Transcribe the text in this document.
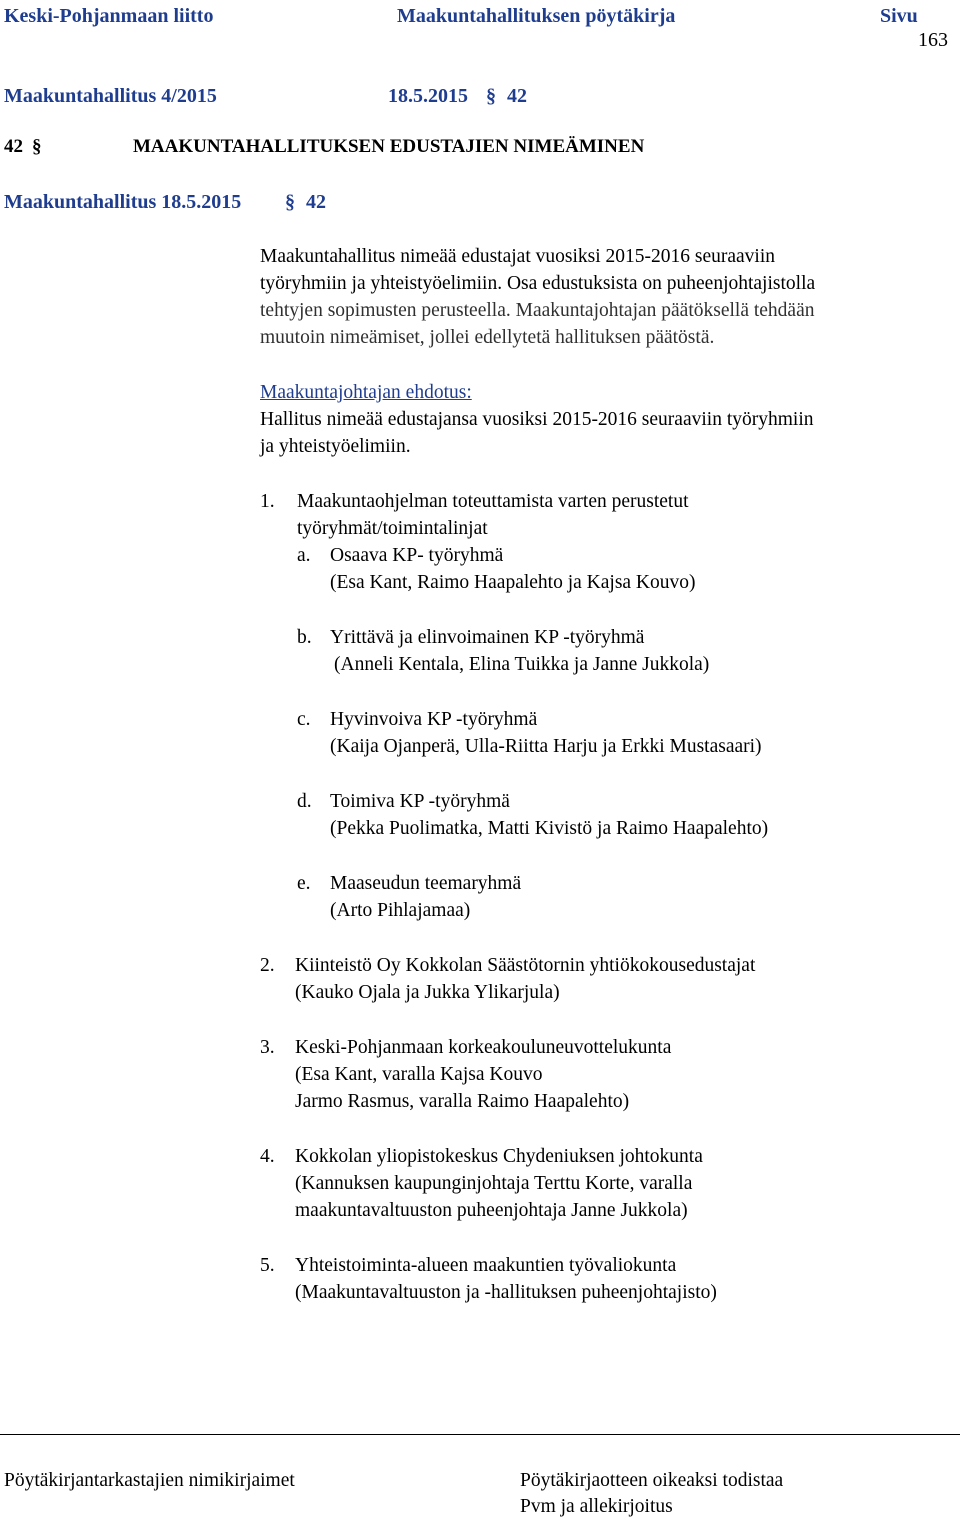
Keski-Pohjanmaan liitto	Maakuntahallituksen pöytäkirja	Sivu
163
Maakuntahallitus 4/2015	18.5.2015 § 42
42 §	MAAKUNTAHALLITUKSEN EDUSTAJIEN NIMEÄMINEN
Maakuntahallitus 18.5.2015 § 42
Maakuntahallitus nimeää edustajat vuosiksi 2015-2016 seuraaviin
työryhmiin ja yhteistyöelimiin. Osa edustuksista on puheenjohtajistolla
tehtyjen sopimusten perusteella. Maakuntajohtajan päätöksellä tehdään
muutoin nimeämiset, jollei edellytetä hallituksen päätöstä.
Maakuntajohtajan ehdotus:
Hallitus nimeää edustajansa vuosiksi 2015-2016 seuraaviin työryhmiin
ja yhteistyöelimiin.
1. Maakuntaohjelman toteuttamista varten perustetut
työryhmät/toimintalinjat
a. Osaava KP- työryhmä
(Esa Kant, Raimo Haapalehto ja Kajsa Kouvo)
b. Yrittävä ja elinvoimainen KP -työryhmä
(Anneli Kentala, Elina Tuikka ja Janne Jukkola)
c. Hyvinvoiva KP -työryhmä
(Kaija Ojanperä, Ulla-Riitta Harju ja Erkki Mustasaari)
d. Toimiva KP -työryhmä
(Pekka Puolimatka, Matti Kivistö ja Raimo Haapalehto)
e. Maaseudun teemaryhmä
(Arto Pihlajamaa)
2. Kiinteistö Oy Kokkolan Säästötornin yhtiökokousedustajat
(Kauko Ojala ja Jukka Ylikarjula)
3. Keski-Pohjanmaan korkeakouluneuvottelukunta
(Esa Kant, varalla Kajsa Kouvo
Jarmo Rasmus, varalla Raimo Haapalehto)
4. Kokkolan yliopistokeskus Chydeniuksen johtokunta
(Kannuksen kaupunginjohtaja Terttu Korte, varalla
maakuntavaltuuston puheenjohtaja Janne Jukkola)
5. Yhteistoiminta-alueen maakuntien työvaliokunta
(Maakuntavaltuuston ja -hallituksen puheenjohtajisto)
Pöytäkirjantarkastajien nimikirjaimet	Pöytäkirjaotteen oikeaksi todistaa
Pvm ja allekirjoitus
